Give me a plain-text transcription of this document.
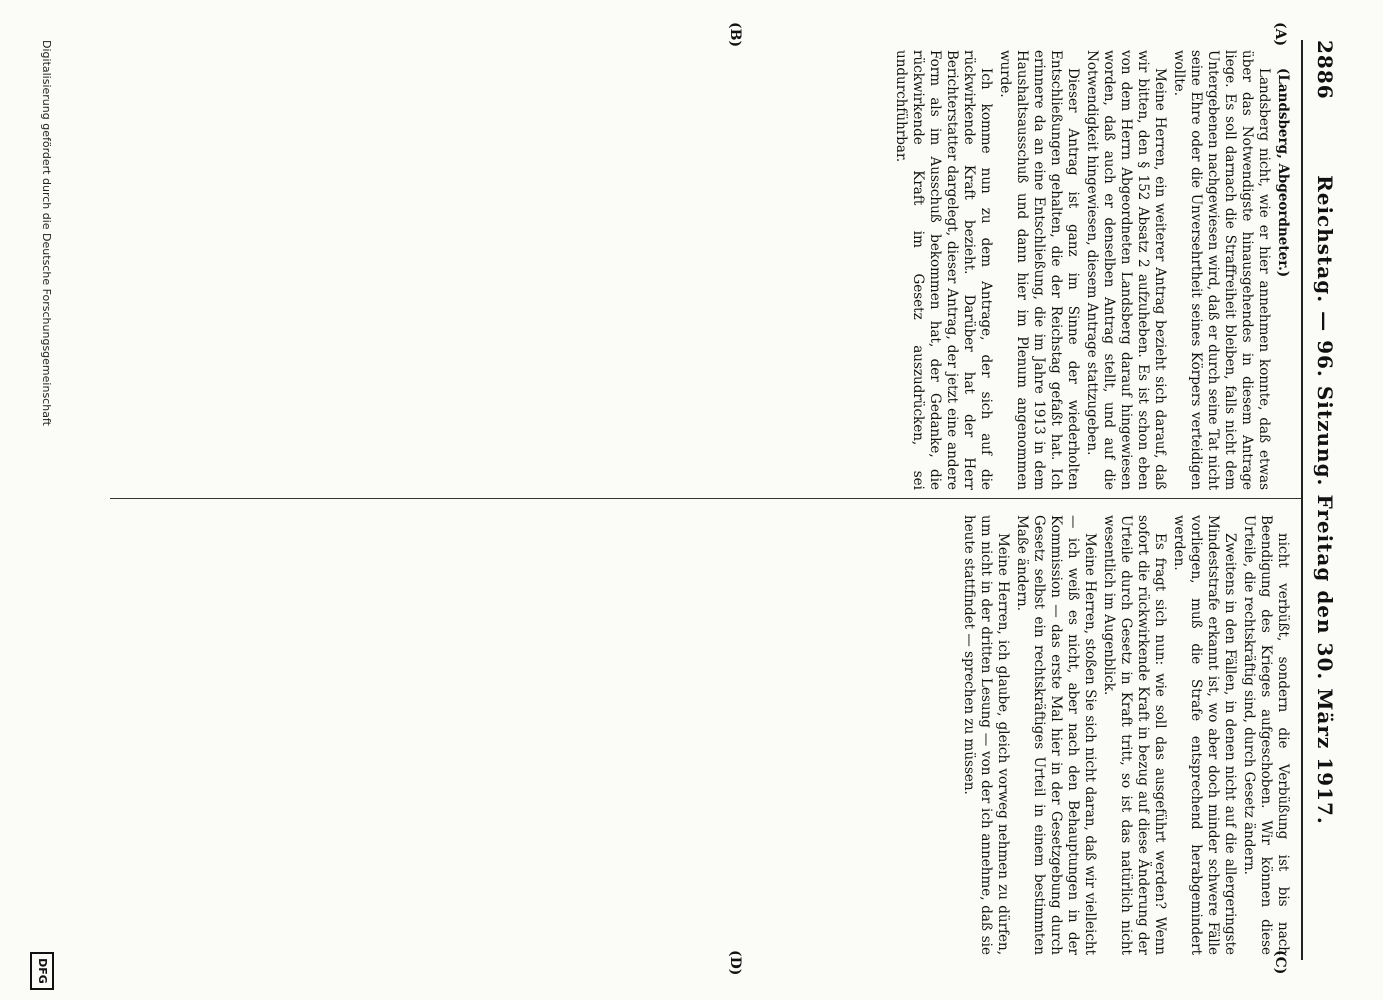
2886
Reichstag. — 96. Sitzung. Freitag den 30. März 1917.
(A)
(B)
(C)
(D)

(Landsberg, Abgeordneter.)

Landsberg nicht, wie er hier annehmen konnte, daß etwas über das Notwendigste hinausgehendes in diesem Antrage liege. Es soll darnach die Straffreiheit bleiben, falls nicht dem Untergebenen nachgewiesen wird, daß er durch seine Tat nicht seine Ehre oder die Unversehrtheit seines Körpers verteidigen wollte.

Meine Herren, ein weiterer Antrag bezieht sich darauf, daß wir bitten, den § 152 Absatz 2 aufzuheben. Es ist schon eben von dem Herrn Abgeordneten Landsberg darauf hingewiesen worden, daß auch er denselben Antrag stellt, und auf die Notwendigkeit hingewiesen, diesem Antrage stattzugeben.

Dieser Antrag ist ganz im Sinne der wiederholten Entschließungen gehalten, die der Reichstag gefaßt hat. Ich erinnere da an eine Entschließung, die im Jahre 1913 in dem Haushaltsausschuß und dann hier im Plenum angenommen wurde.

Ich komme nun zu dem Antrage, der sich auf die rückwirkende Kraft bezieht. Darüber hat der Herr Berichterstatter dargelegt, dieser Antrag, der jetzt eine andere Form als im Ausschuß bekommen hat, der Gedanke, die rückwirkende Kraft im Gesetz auszudrücken, sei undurchführbar.

nicht verbüßt, sondern die Verbüßung ist bis nach Beendigung des Krieges aufgeschoben. Wir können diese Urteile, die rechtskräftig sind, durch Gesetz ändern.

Zweitens in den Fällen, in denen nicht auf die allergeringste Mindeststrafe erkannt ist, wo aber doch minder schwere Fälle vorliegen, muß die Strafe entsprechend herabgemindert werden.

Es fragt sich nun: wie soll das ausgeführt werden? Wenn sofort die rückwirkende Kraft in bezug auf diese Änderung der Urteile durch Gesetz in Kraft tritt, so ist das natürlich nicht wesentlich im Augenblick.

Meine Herren, stoßen Sie sich nicht daran, daß wir vielleicht — ich weiß es nicht, aber nach den Behauptungen in der Kommission — das erste Mal hier in der Gesetzgebung durch Gesetz selbst ein rechtskräftiges Urteil in einem bestimmten Maße ändern.

Meine Herren, ich glaube, gleich vorweg nehmen zu dürfen, um nicht in der dritten Lesung — von der ich annehme, daß sie heute stattfindet — sprechen zu müssen.

Digitalisierung gefördert durch die Deutsche Forschungsgemeinschaft
DFG
